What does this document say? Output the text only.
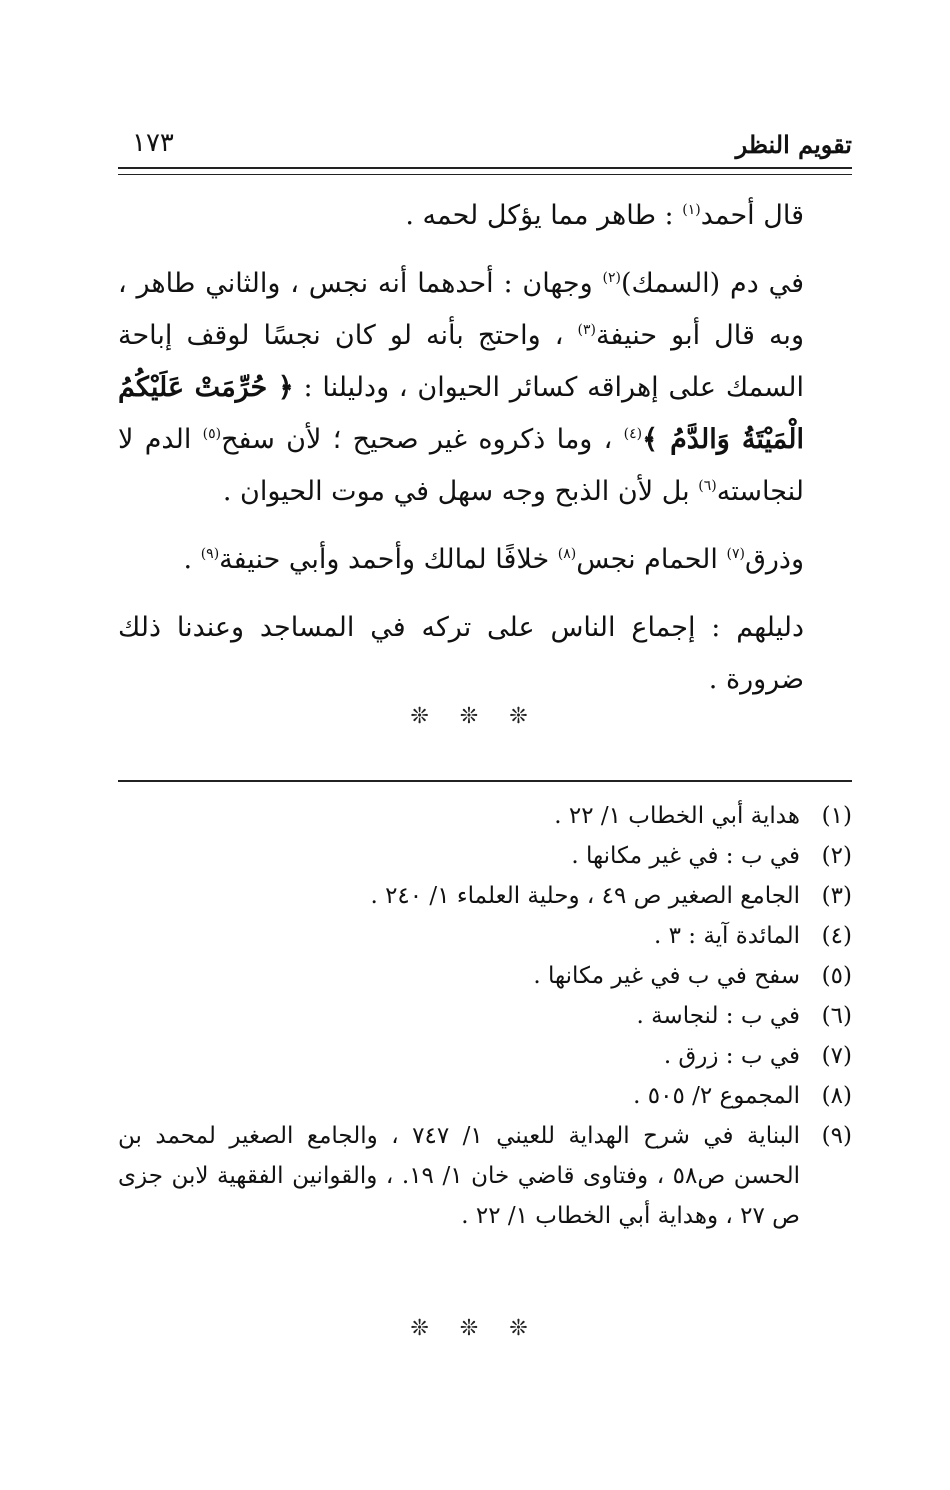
تقويم النظر
١٧٣

قال أحمد$^{(١)}$ : طاهر مما يؤكل لحمه .

في دم (السمك)$^{(٢)}$ وجهان : أحدهما أنه نجس ، والثاني طاهر ، وبه قال أبو حنيفة$^{(٣)}$ ، واحتج بأنه لو كان نجسًا لوقف إباحة السمك على إهراقه كسائر الحيوان ، ودليلنا : ﴿ حُرِّمَتْ عَلَيْكُمُ الْمَيْتَةُ وَالدَّمُ ﴾$^{(٤)}$ ، وما ذكروه غير صحيح ؛ لأن سفح$^{(٥)}$ الدم لا لنجاسته$^{(٦)}$ بل لأن الذبح وجه سهل في موت الحيوان .

وذرق$^{(٧)}$ الحمام نجس$^{(٨)}$ خلافًا لمالك وأحمد وأبي حنيفة$^{(٩)}$ .

دليلهم : إجماع الناس على تركه في المساجد وعندنا ذلك ضرورة .

❊ ❊ ❊
(١)
هداية أبي الخطاب ١/ ٢٢ .
(٢)
في ب : في غير مكانها .
(٣)
الجامع الصغير ص ٤٩ ، وحلية العلماء ١/ ٢٤٠ .
(٤)
المائدة آية : ٣ .
(٥)
سفح في ب في غير مكانها .
(٦)
في ب : لنجاسة .
(٧)
في ب : زرق .
(٨)
المجموع ٢/ ٥٠٥ .
(٩)
البناية في شرح الهداية للعيني ١/ ٧٤٧ ، والجامع الصغير لمحمد بن الحسن ص٥٨ ، وفتاوى قاضي خان ١/ ١٩. ، والقوانين الفقهية لابن جزى ص ٢٧ ، وهداية أبي الخطاب ١/ ٢٢ .
❊ ❊ ❊
